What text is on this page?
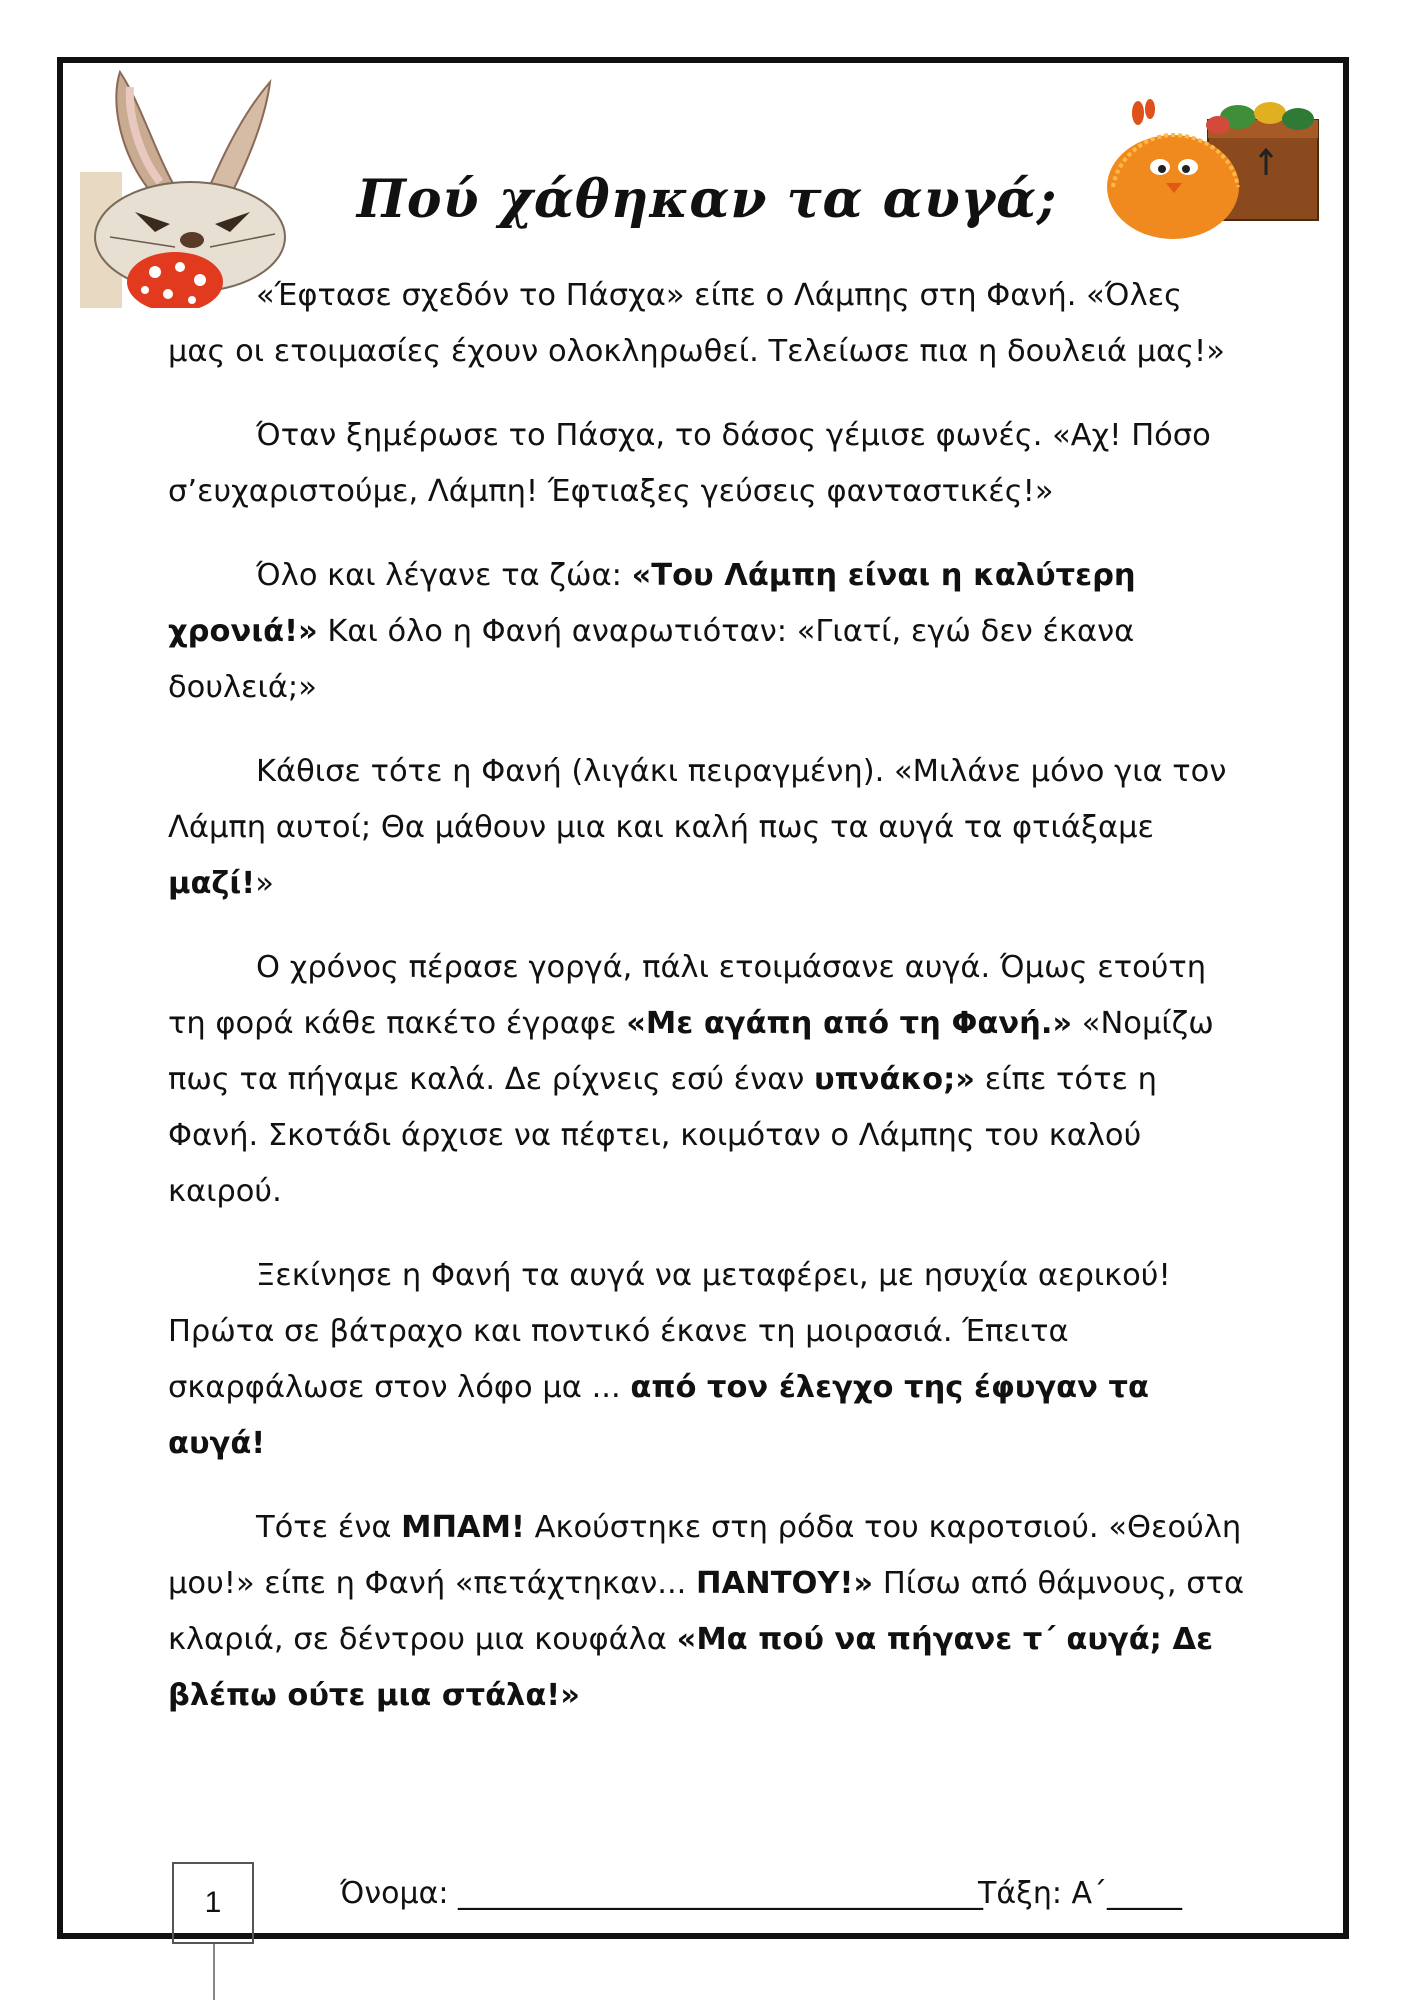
Πού χάθηκαν τα αυγά;

«Έφτασε σχεδόν το Πάσχα» είπε ο Λάμπης στη Φανή. «Όλες μας οι ετοιμασίες έχουν ολοκληρωθεί. Τελείωσε πια η δουλειά μας!»

Όταν ξημέρωσε το Πάσχα, το δάσος γέμισε φωνές. «Αχ! Πόσο σ’ευχαριστούμε, Λάμπη! Έφτιαξες γεύσεις φανταστικές!»

Όλο και λέγανε τα ζώα: «Του Λάμπη είναι η καλύτερη χρονιά!» Και όλο η Φανή αναρωτιόταν: «Γιατί, εγώ δεν έκανα δουλειά;»

Κάθισε τότε η Φανή (λιγάκι πειραγμένη). «Μιλάνε μόνο για τον Λάμπη αυτοί; Θα μάθουν μια και καλή πως τα αυγά τα φτιάξαμε μαζί!»

Ο χρόνος πέρασε γοργά, πάλι ετοιμάσανε αυγά. Όμως ετούτη τη φορά κάθε πακέτο έγραφε «Με αγάπη από τη Φανή.» «Νομίζω πως τα πήγαμε καλά. Δε ρίχνεις εσύ έναν υπνάκο;» είπε τότε η Φανή. Σκοτάδι άρχισε να πέφτει, κοιμόταν ο Λάμπης του καλού καιρού.

Ξεκίνησε η Φανή τα αυγά να μεταφέρει, με ησυχία αερικού! Πρώτα σε βάτραχο και ποντικό έκανε τη μοιρασιά. Έπειτα σκαρφάλωσε στον λόφο μα ... από τον έλεγχο της έφυγαν τα αυγά!

Τότε ένα ΜΠΑΜ! Ακούστηκε στη ρόδα του καροτσιού. «Θεούλη μου!» είπε η Φανή «πετάχτηκαν... ΠΑΝΤΟΥ!» Πίσω από θάμνους, στα κλαριά, σε δέντρου μια κουφάλα «Μα πού να πήγανε τ΄ αυγά; Δε βλέπω ούτε μια στάλα!»

1	Όνομα: ___________________________________
Τάξη: Α΄_____
